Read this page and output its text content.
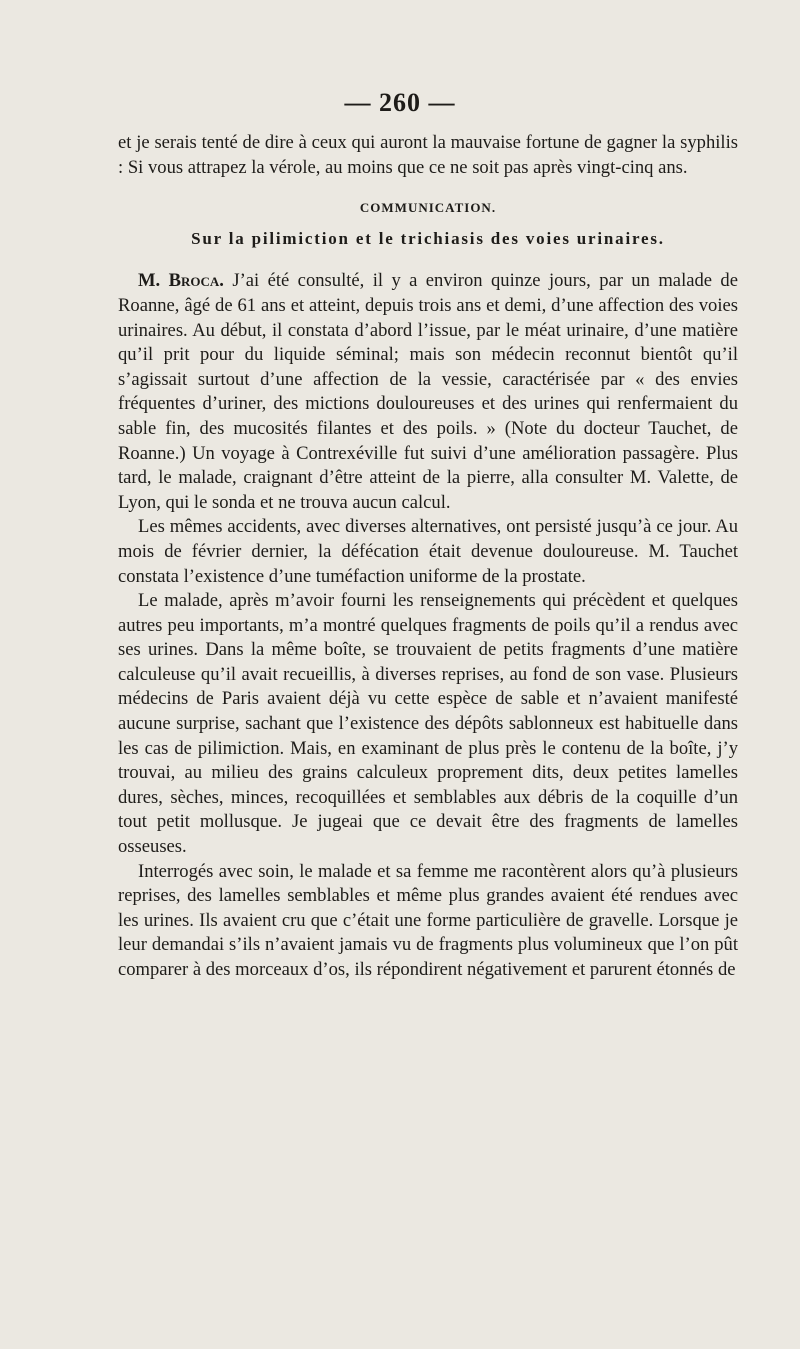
— 260 —

et je serais tenté de dire à ceux qui auront la mauvaise fortune de gagner la syphilis : Si vous attrapez la vérole, au moins que ce ne soit pas après vingt-cinq ans.

COMMUNICATION.

Sur la pilimiction et le trichiasis des voies urinaires.

M. Broca. J’ai été consulté, il y a environ quinze jours, par un malade de Roanne, âgé de 61 ans et atteint, depuis trois ans et demi, d’une affection des voies urinaires. Au début, il constata d’abord l’issue, par le méat urinaire, d’une matière qu’il prit pour du liquide séminal; mais son médecin reconnut bientôt qu’il s’agissait surtout d’une affection de la vessie, caractérisée par « des envies fréquentes d’uriner, des mictions douloureuses et des urines qui renfermaient du sable fin, des mucosités filantes et des poils. » (Note du docteur Tauchet, de Roanne.) Un voyage à Contrexéville fut suivi d’une amélioration passagère. Plus tard, le malade, craignant d’être atteint de la pierre, alla consulter M. Valette, de Lyon, qui le sonda et ne trouva aucun calcul.

Les mêmes accidents, avec diverses alternatives, ont persisté jusqu’à ce jour. Au mois de février dernier, la défécation était devenue douloureuse. M. Tauchet constata l’existence d’une tuméfaction uniforme de la prostate.

Le malade, après m’avoir fourni les renseignements qui précèdent et quelques autres peu importants, m’a montré quelques fragments de poils qu’il a rendus avec ses urines. Dans la même boîte, se trouvaient de petits fragments d’une matière calculeuse qu’il avait recueillis, à diverses reprises, au fond de son vase. Plusieurs médecins de Paris avaient déjà vu cette espèce de sable et n’avaient manifesté aucune surprise, sachant que l’existence des dépôts sablonneux est habituelle dans les cas de pilimiction. Mais, en examinant de plus près le contenu de la boîte, j’y trouvai, au milieu des grains calculeux proprement dits, deux petites lamelles dures, sèches, minces, recoquillées et semblables aux débris de la coquille d’un tout petit mollusque. Je jugeai que ce devait être des fragments de lamelles osseuses.

Interrogés avec soin, le malade et sa femme me racontèrent alors qu’à plusieurs reprises, des lamelles semblables et même plus grandes avaient été rendues avec les urines. Ils avaient cru que c’était une forme particulière de gravelle. Lorsque je leur demandai s’ils n’avaient jamais vu de fragments plus volumineux que l’on pût comparer à des morceaux d’os, ils répondirent négativement et parurent étonnés de
